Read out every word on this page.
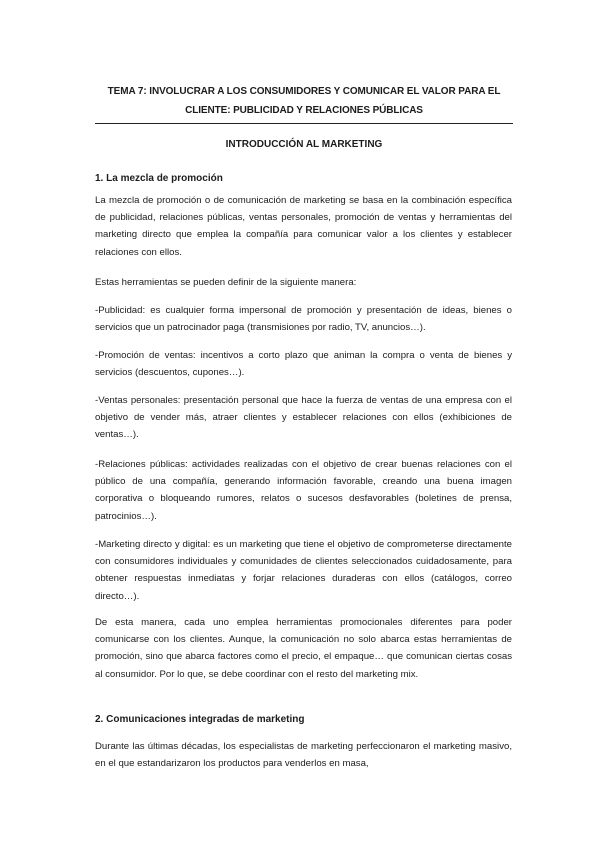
TEMA 7: INVOLUCRAR A LOS CONSUMIDORES Y COMUNICAR EL VALOR PARA EL CLIENTE: PUBLICIDAD Y RELACIONES PÚBLICAS
INTRODUCCIÓN AL MARKETING
1. La mezcla de promoción

La mezcla de promoción o de comunicación de marketing se basa en la combinación específica de publicidad, relaciones públicas, ventas personales, promoción de ventas y herramientas del marketing directo que emplea la compañía para comunicar valor a los clientes y establecer relaciones con ellos.

Estas herramientas se pueden definir de la siguiente manera:

-Publicidad: es cualquier forma impersonal de promoción y presentación de ideas, bienes o servicios que un patrocinador paga (transmisiones por radio, TV, anuncios…).

-Promoción de ventas: incentivos a corto plazo que animan la compra o venta de bienes y servicios (descuentos, cupones…).

-Ventas personales: presentación personal que hace la fuerza de ventas de una empresa con el objetivo de vender más, atraer clientes y establecer relaciones con ellos (exhibiciones de ventas…).

-Relaciones públicas: actividades realizadas con el objetivo de crear buenas relaciones con el público de una compañía, generando información favorable, creando una buena imagen corporativa o bloqueando rumores, relatos o sucesos desfavorables (boletines de prensa, patrocinios…).

-Marketing directo y digital: es un marketing que tiene el objetivo de comprometerse directamente con consumidores individuales y comunidades de clientes seleccionados cuidadosamente, para obtener respuestas inmediatas y forjar relaciones duraderas con ellos (catálogos, correo directo…).

De esta manera, cada uno emplea herramientas promocionales diferentes para poder comunicarse con los clientes. Aunque, la comunicación no solo abarca estas herramientas de promoción, sino que abarca factores como el precio, el empaque… que comunican ciertas cosas al consumidor. Por lo que, se debe coordinar con el resto del marketing mix.

2. Comunicaciones integradas de marketing

Durante las últimas décadas, los especialistas de marketing perfeccionaron el marketing masivo, en el que estandarizaron los productos para venderlos en masa,
